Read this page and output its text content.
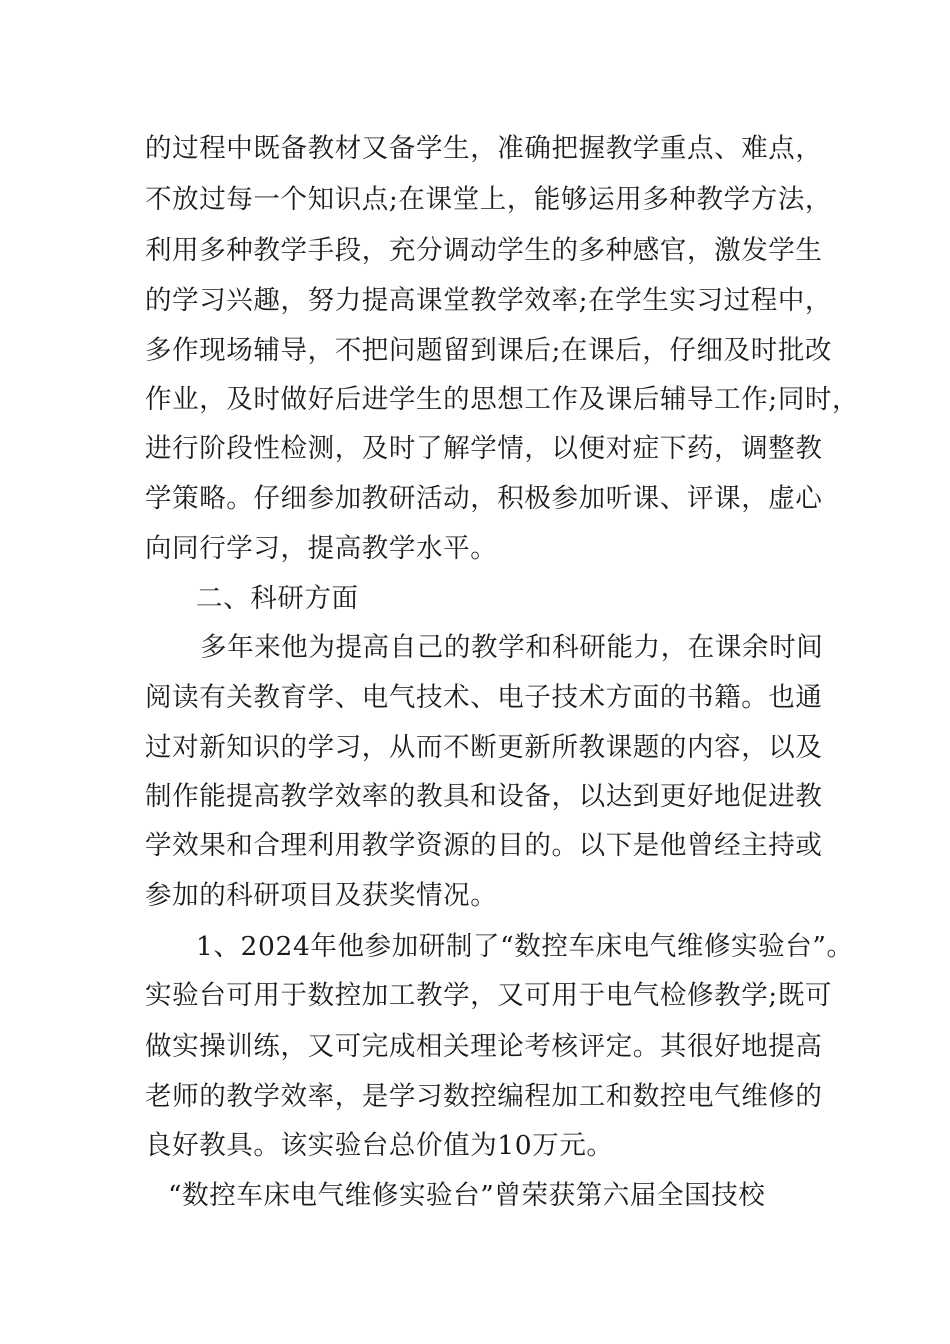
的过程中既备教材又备学生，准确把握教学重点、难点，
不放过每一个知识点;在课堂上，能够运用多种教学方法，
利用多种教学手段，充分调动学生的多种感官，激发学生
的学习兴趣，努力提高课堂教学效率;在学生实习过程中，
多作现场辅导，不把问题留到课后;在课后，仔细及时批改
作业，及时做好后进学生的思想工作及课后辅导工作;同时，
进行阶段性检测，及时了解学情，以便对症下药，调整教
学策略。仔细参加教研活动，积极参加听课、评课，虚心
向同行学习，提高教学水平。
二、科研方面
多年来他为提高自己的教学和科研能力，在课余时间
阅读有关教育学、电气技术、电子技术方面的书籍。也通
过对新知识的学习，从而不断更新所教课题的内容，以及
制作能提高教学效率的教具和设备，以达到更好地促进教
学效果和合理利用教学资源的目的。以下是他曾经主持或
参加的科研项目及获奖情况。
1、2024年他参加研制了“数控车床电气维修实验台”。
实验台可用于数控加工教学，又可用于电气检修教学;既可
做实操训练，又可完成相关理论考核评定。其很好地提高
老师的教学效率，是学习数控编程加工和数控电气维修的
良好教具。该实验台总价值为10万元。
“数控车床电气维修实验台”曾荣获第六届全国技校
